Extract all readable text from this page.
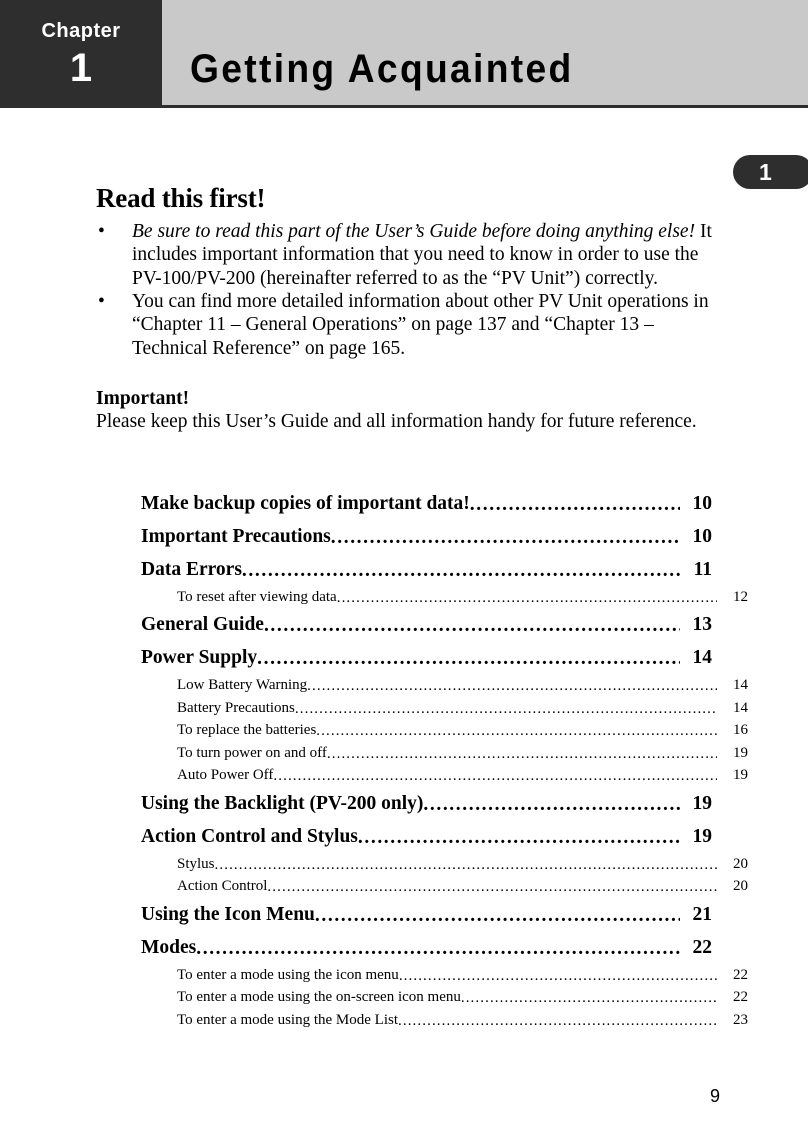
Chapter
1	Getting Acquainted
1
Read this first!
• Be sure to read this part of the User’s Guide before doing anything else! It includes important information that you need to know in order to use the PV-100/PV-200 (hereinafter referred to as the “PV Unit”) correctly.
• You can find more detailed information about other PV Unit operations in “Chapter 11 – General Operations” on page 137 and “Chapter 13 – Technical Reference” on page 165.
Important!
Please keep this User’s Guide and all information handy for future reference.
Make backup copies of important data! .....	10
Important Precautions .....	10
Data Errors .....	11
To reset after viewing data .....	12
General Guide .....	13
Power Supply .....	14
Low Battery Warning .....	14
Battery Precautions .....	14
To replace the batteries .....	16
To turn power on and off .....	19
Auto Power Off .....	19
Using the Backlight (PV-200 only) .....	19
Action Control and Stylus .....	19
Stylus .....	20
Action Control .....	20
Using the Icon Menu .....	21
Modes .....	22
To enter a mode using the icon menu .....	22
To enter a mode using the on-screen icon menu .....	22
To enter a mode using the Mode List .....	23
9
